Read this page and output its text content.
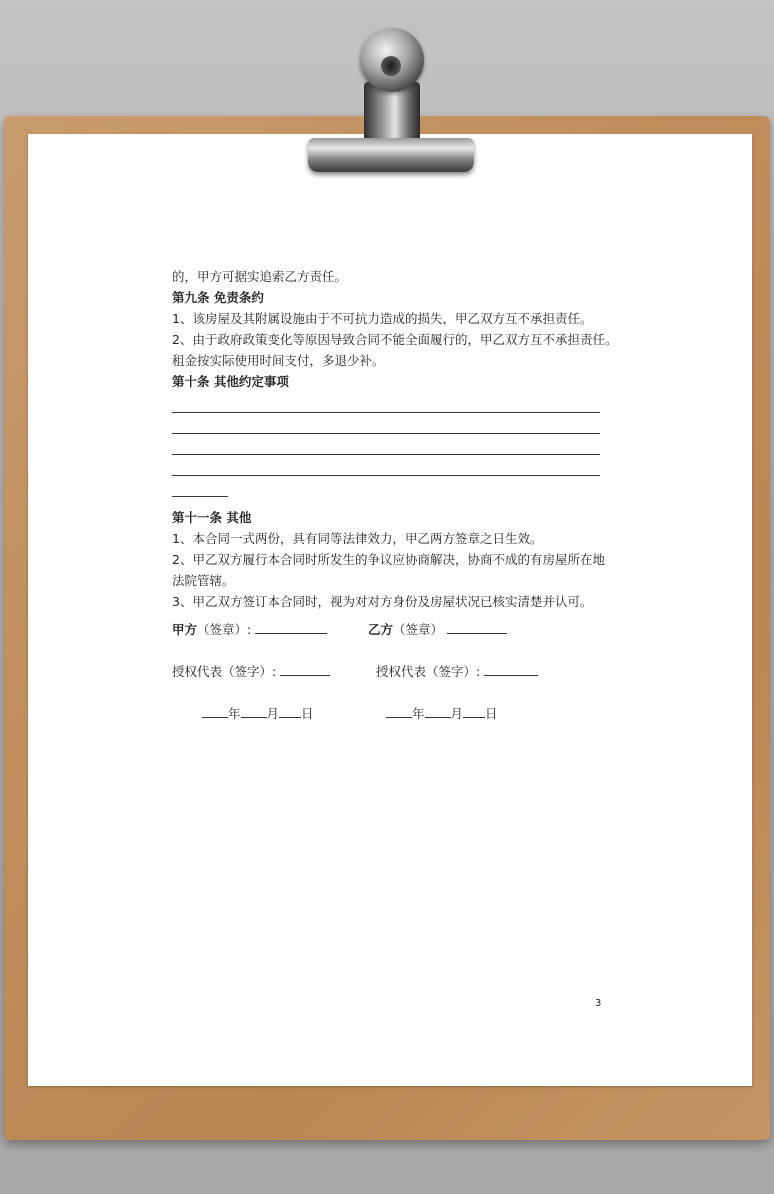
的，甲方可据实追索乙方责任。
第九条 免责条约
1、该房屋及其附属设施由于不可抗力造成的损失，甲乙双方互不承担责任。
2、由于政府政策变化等原因导致合同不能全面履行的，甲乙双方互不承担责任。
租金按实际使用时间支付，多退少补。
第十条 其他约定事项
第十一条 其他
1、本合同一式两份，具有同等法律效力，甲乙两方签章之日生效。
2、甲乙双方履行本合同时所发生的争议应协商解决，协商不成的有房屋所在地
法院管辖。
3、甲乙双方签订本合同时，视为对对方身份及房屋状况已核实清楚并认可。
甲方（签章）:	乙方（签章）
授权代表（签字）:	授权代表（签字）:
年 月 日	年 月 日
3
